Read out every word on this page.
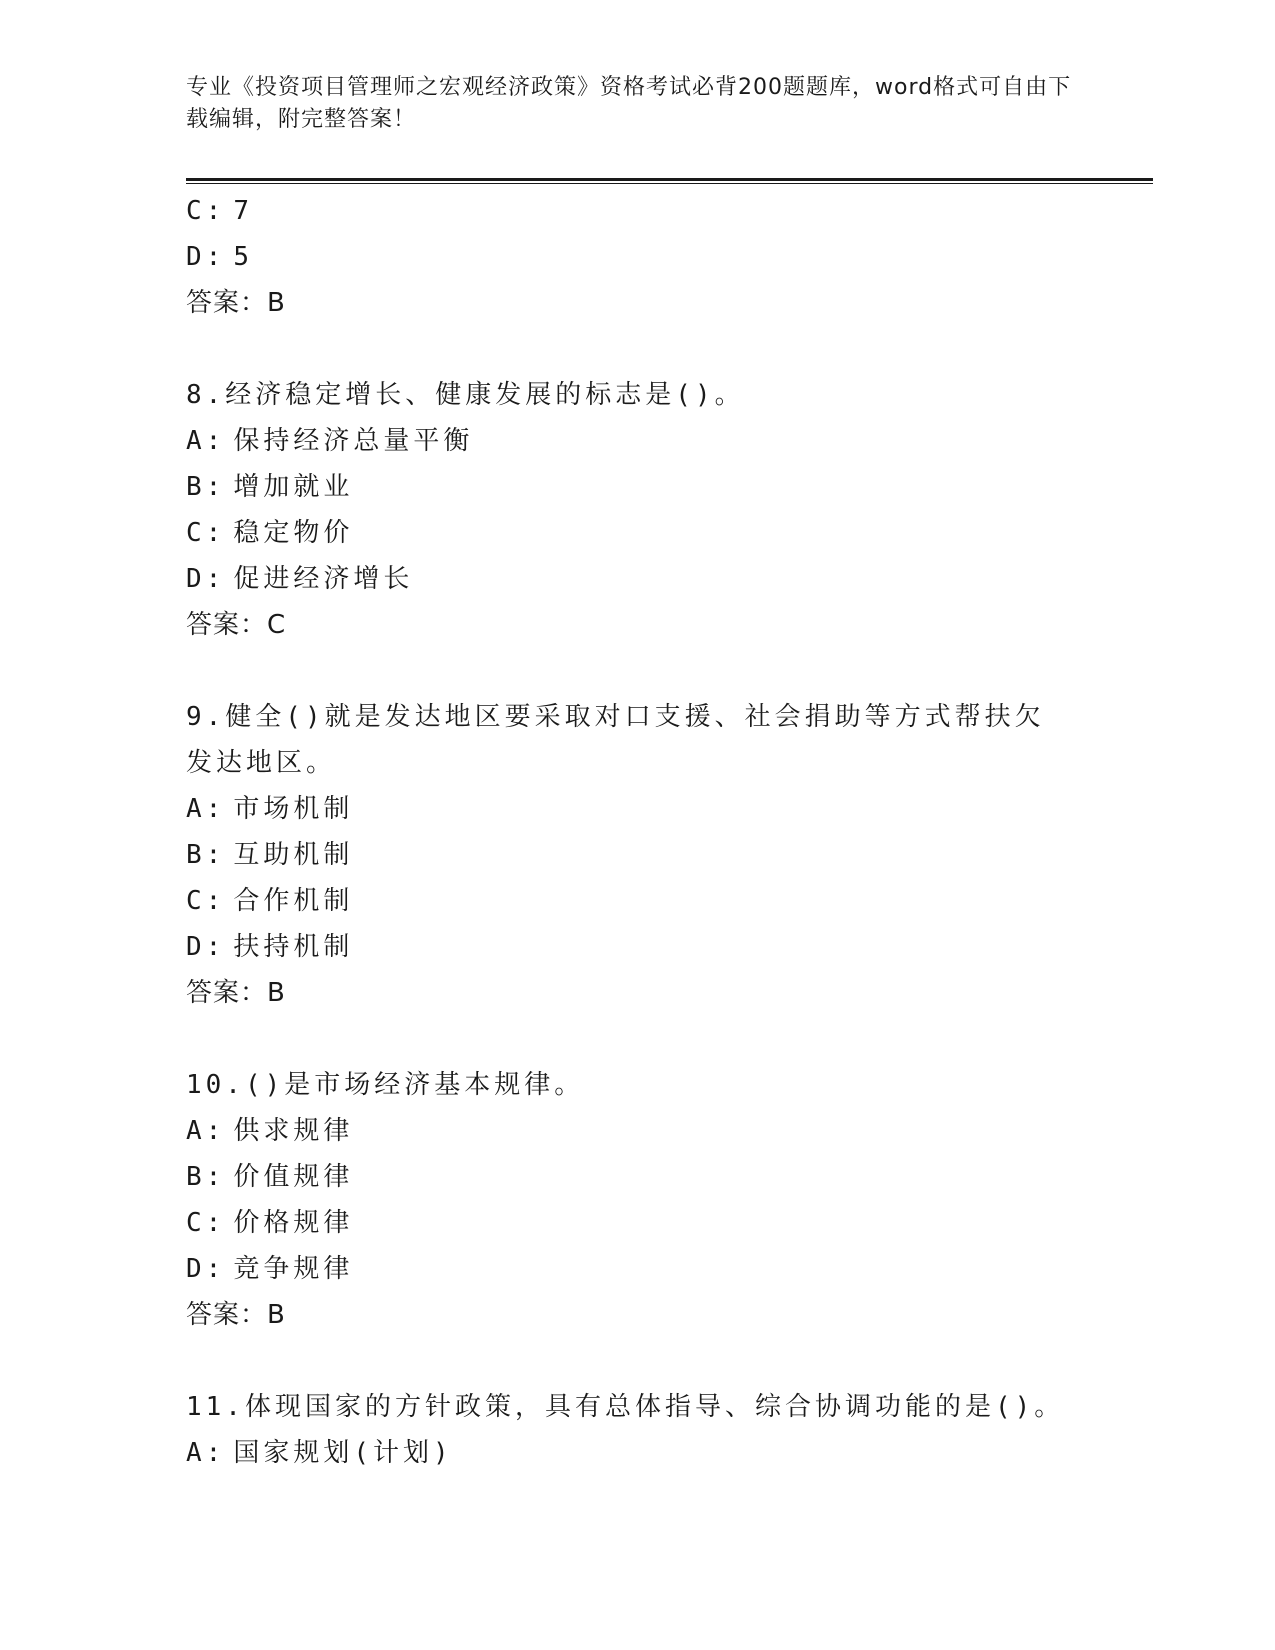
专业《投资项目管理师之宏观经济政策》资格考试必背200题题库，word格式可自由下载编辑，附完整答案！
C: 7
D: 5
答案：B
8.经济稳定增长、健康发展的标志是()。
A: 保持经济总量平衡
B: 增加就业
C: 稳定物价
D: 促进经济增长
答案：C
9.健全()就是发达地区要采取对口支援、社会捐助等方式帮扶欠发达地区。
A: 市场机制
B: 互助机制
C: 合作机制
D: 扶持机制
答案：B
10.()是市场经济基本规律。
A: 供求规律
B: 价值规律
C: 价格规律
D: 竞争规律
答案：B
11.体现国家的方针政策，具有总体指导、综合协调功能的是()。
A: 国家规划(计划)
